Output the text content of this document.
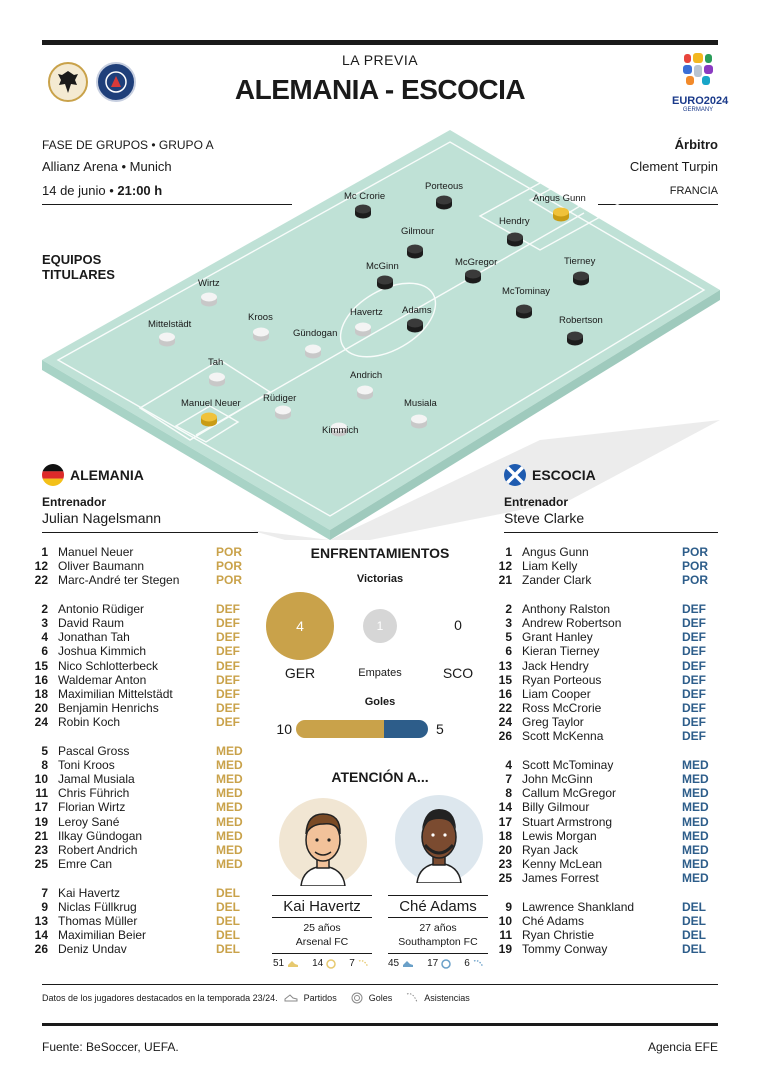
LA PREVIA
ALEMANIA - ESCOCIA	EURO2024
GERMANY
FASE DE GRUPOS • GRUPO A
Allianz Arena • Munich
14 de junio • 21:00 h
Árbitro
Clement Turpin
FRANCIA
EQUIPOS
TITULARES
Manuel Neuer
Kimmich
Rüdiger
Tah
Mittelstädt
Andrich
Kroos
Gündogan
Musiala
Wirtz
Havertz
Angus Gunn
Hendry
Porteous
Mc Crorie
Tierney
McGregor
Gilmour
McTominay
Robertson
McGinn
Adams
ALEMANIA
Entrenador
Julian Nagelsmann
1 Manuel Neuer	POR
12 Oliver Baumann	POR
22 Marc-André ter Stegen	POR
2 Antonio Rüdiger	DEF
3 David Raum	DEF
4 Jonathan Tah	DEF
6 Joshua Kimmich	DEF
15 Nico Schlotterbeck	DEF
16 Waldemar Anton	DEF
18 Maximilian Mittelstädt	DEF
20 Benjamin Henrichs	DEF
24 Robin Koch	DEF
5 Pascal Gross	MED
8 Toni Kroos	MED
10 Jamal Musiala	MED
11 Chris Führich	MED
17 Florian Wirtz	MED
19 Leroy Sané	MED
21 Ilkay Gündogan	MED
23 Robert Andrich	MED
25 Emre Can	MED
7 Kai Havertz	DEL
9 Niclas Füllkrug	DEL
13 Thomas Müller	DEL
14 Maximilian Beier	DEL
26 Deniz Undav	DEL
ESCOCIA
Entrenador
Steve Clarke
1 Angus Gunn	POR
12 Liam Kelly	POR
21 Zander Clark	POR
2 Anthony Ralston	DEF
3 Andrew Robertson	DEF
5 Grant Hanley	DEF
6 Kieran Tierney	DEF
13 Jack Hendry	DEF
15 Ryan Porteous	DEF
16 Liam Cooper	DEF
22 Ross McCrorie	DEF
24 Greg Taylor	DEF
26 Scott McKenna	DEF
4 Scott McTominay	MED
7 John McGinn	MED
8 Callum McGregor	MED
14 Billy Gilmour	MED
17 Stuart Armstrong	MED
18 Lewis Morgan	MED
20 Ryan Jack	MED
23 Kenny McLean	MED
25 James Forrest	MED
9 Lawrence Shankland	DEL
10 Ché Adams	DEL
11 Ryan Christie	DEL
19 Tommy Conway	DEL
ENFRENTAMIENTOS
Victorias
4	1	0
GER	Empates	SCO
Goles
10	5
ATENCIÓN A...
Kai Havertz
25 años
Arsenal FC
Ché Adams
27 años
Southampton FC
51	14	7	45	17	6
Datos de los jugadores destacados en la temporada 23/24.	Partidos	Goles	Asistencias
Fuente: BeSoccer, UEFA.	Agencia EFE
